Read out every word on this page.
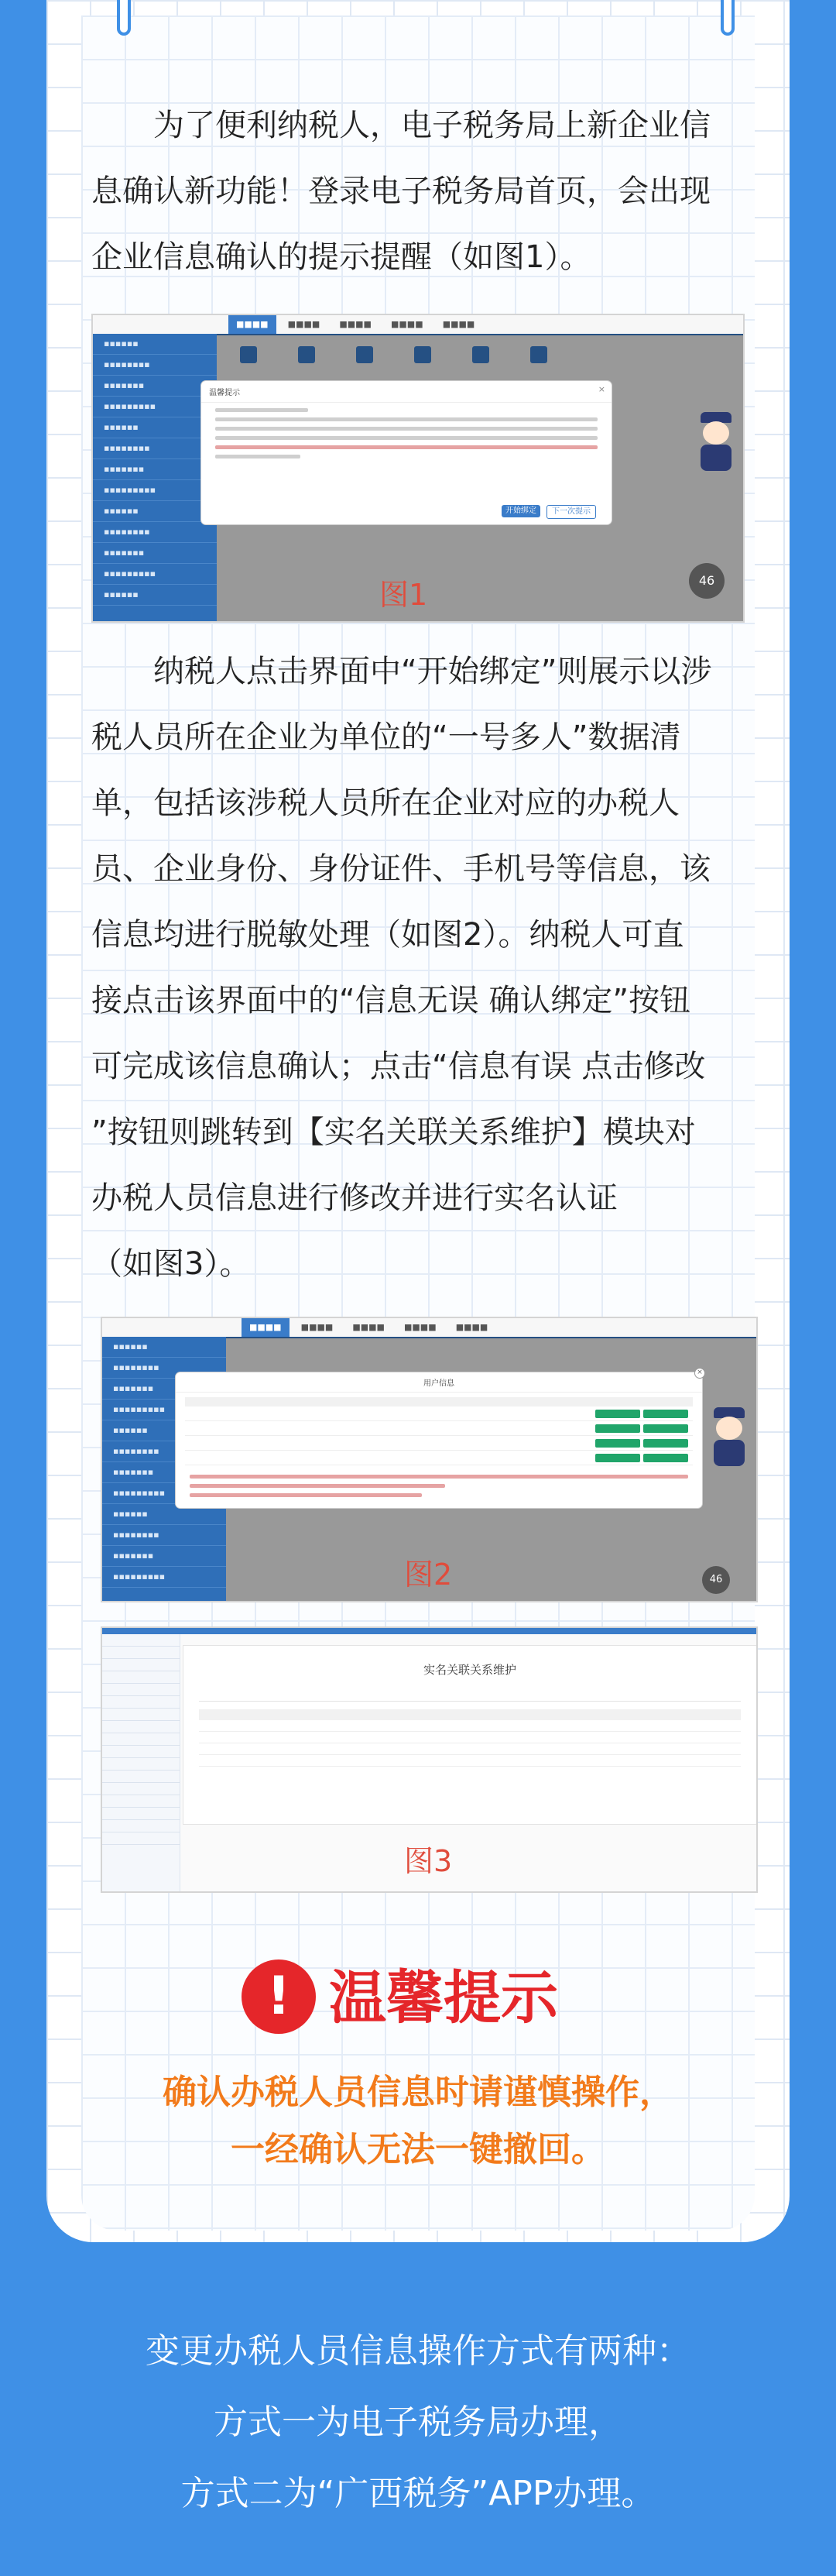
为了便利纳税人，电子税务局上新企业信
息确认新功能！登录电子税务局首页，会出现
企业信息确认的提示提醒（如图1）。
■■■■ ■■■■ ■■■■ ■■■■ ■■■■
▪▪▪▪▪▪
▪▪▪▪▪▪▪▪
▪▪▪▪▪▪▪
▪▪▪▪▪▪▪▪▪
▪▪▪▪▪▪
▪▪▪▪▪▪▪▪
▪▪▪▪▪▪▪
▪▪▪▪▪▪▪▪▪
▪▪▪▪▪▪
▪▪▪▪▪▪▪▪
▪▪▪▪▪▪▪
▪▪▪▪▪▪▪▪▪
▪▪▪▪▪▪

温馨提示	×
开始绑定	下一次提示
46
图1
纳税人点击界面中“开始绑定”则展示以涉
税人员所在企业为单位的“一号多人”数据清
单，包括该涉税人员所在企业对应的办税人
员、企业身份、身份证件、手机号等信息，该
信息均进行脱敏处理（如图2）。纳税人可直
接点击该界面中的“信息无误 确认绑定”按钮
可完成该信息确认；点击“信息有误 点击修改
”按钮则跳转到【实名关联关系维护】模块对
办税人员信息进行修改并进行实名认证
（如图3）。
■■■■ ■■■■ ■■■■ ■■■■ ■■■■
▪▪▪▪▪▪
▪▪▪▪▪▪▪▪
▪▪▪▪▪▪▪
▪▪▪▪▪▪▪▪▪
▪▪▪▪▪▪
▪▪▪▪▪▪▪▪
▪▪▪▪▪▪▪
▪▪▪▪▪▪▪▪▪
▪▪▪▪▪▪
▪▪▪▪▪▪▪▪
▪▪▪▪▪▪▪
▪▪▪▪▪▪▪▪▪
用户信息
×
46
图2
实名关联关系维护
图3
! 温馨提示
确认办税人员信息时请谨慎操作，
一经确认无法一键撤回。
变更办税人员信息操作方式有两种：
方式一为电子税务局办理，
方式二为“广西税务”APP办理。
